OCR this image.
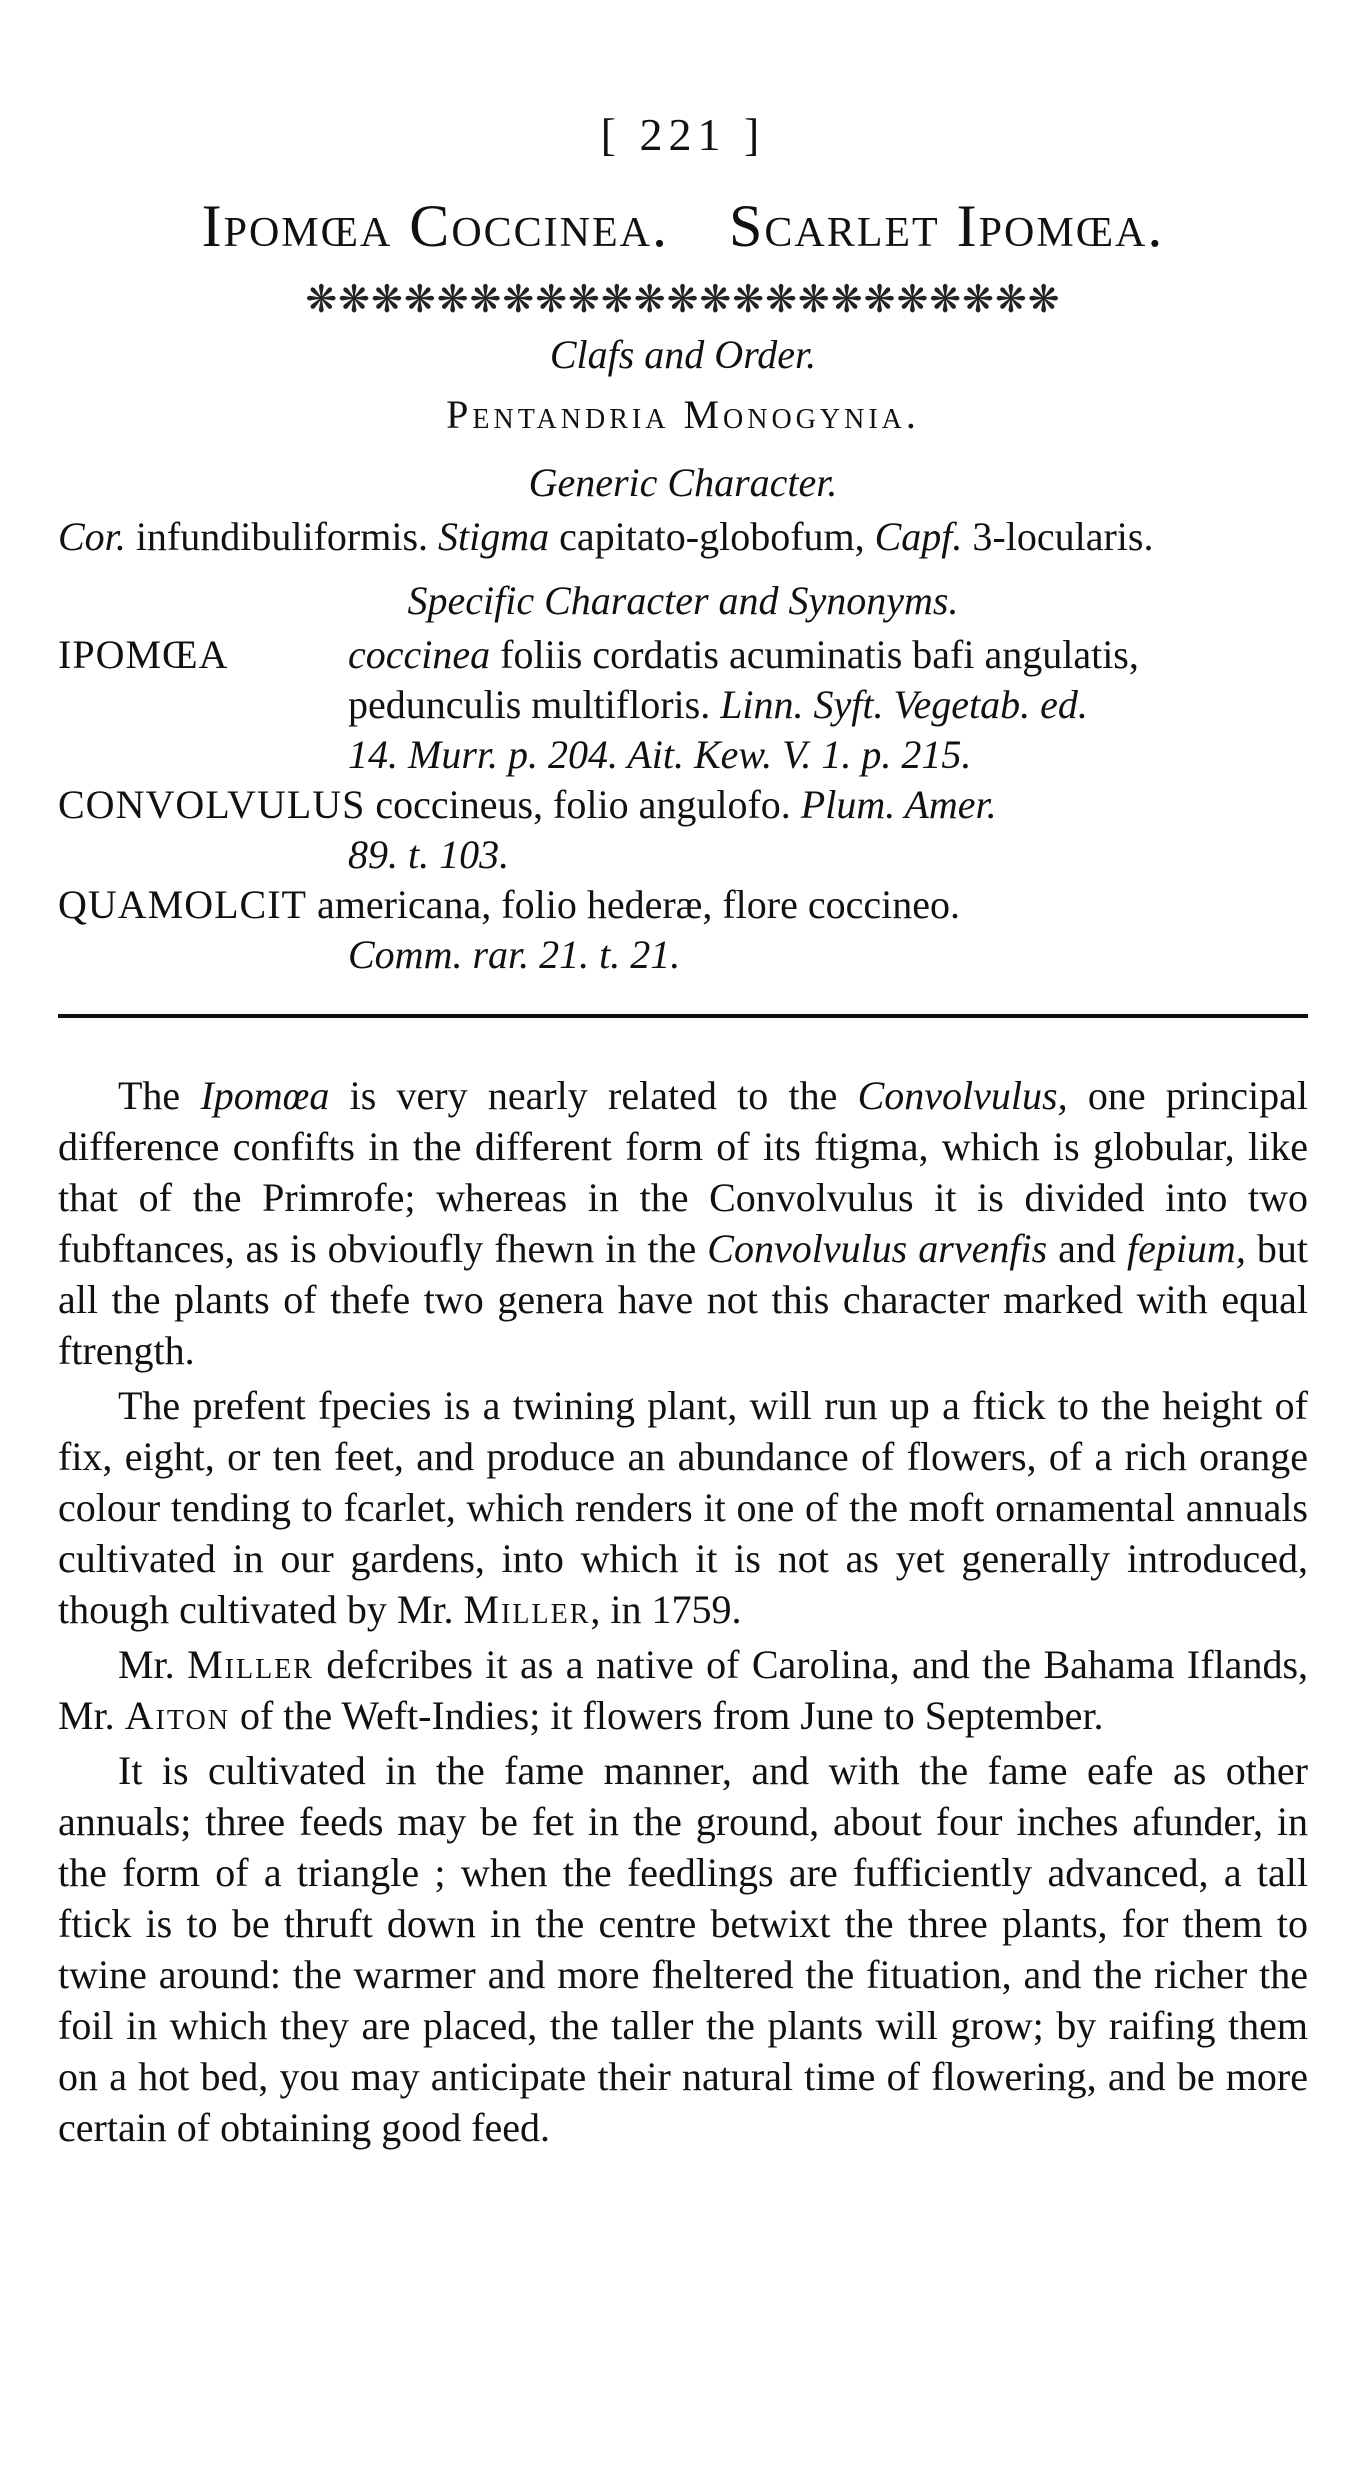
[ 221 ]
Ipomœa Coccinea. Scarlet Ipomœa.
❋❋❋❋❋❋❋❋❋❋❋❋❋❋❋❋❋❋❋❋❋❋❋
Clafs and Order.
Pentandria Monogynia.
Generic Character.
Cor. infundibuliformis. Stigma capitato-globofum, Capf. 3-locularis.
Specific Character and Synonyms.
IPOMŒA	coccinea foliis cordatis acuminatis bafi angulatis, pedunculis multifloris. Linn. Syft. Vegetab. ed.
14. Murr. p. 204. Ait. Kew. V. 1. p. 215.
CONVOLVULUS coccineus, folio angulofo. Plum. Amer.
89. t. 103.
QUAMOLCIT americana, folio hederæ, flore coccineo.
Comm. rar. 21. t. 21.

The Ipomœa is very nearly related to the Convolvulus, one principal difference confifts in the different form of its ftigma, which is globular, like that of the Primrofe; whereas in the Convolvulus it is divided into two fubftances, as is obvioufly fhewn in the Convolvulus arvenfis and fepium, but all the plants of thefe two genera have not this character marked with equal ftrength.

The prefent fpecies is a twining plant, will run up a ftick to the height of fix, eight, or ten feet, and produce an abundance of flowers, of a rich orange colour tending to fcarlet, which renders it one of the moft ornamental annuals cultivated in our gardens, into which it is not as yet generally introduced, though cultivated by Mr. Miller, in 1759.

Mr. Miller defcribes it as a native of Carolina, and the Bahama Iflands, Mr. Aiton of the Weft-Indies; it flowers from June to September.

It is cultivated in the fame manner, and with the fame eafe as other annuals; three feeds may be fet in the ground, about four inches afunder, in the form of a triangle ; when the feedlings are fufficiently advanced, a tall ftick is to be thruft down in the centre betwixt the three plants, for them to twine around: the warmer and more fheltered the fituation, and the richer the foil in which they are placed, the taller the plants will grow; by raifing them on a hot bed, you may anticipate their natural time of flowering, and be more certain of obtaining good feed.
